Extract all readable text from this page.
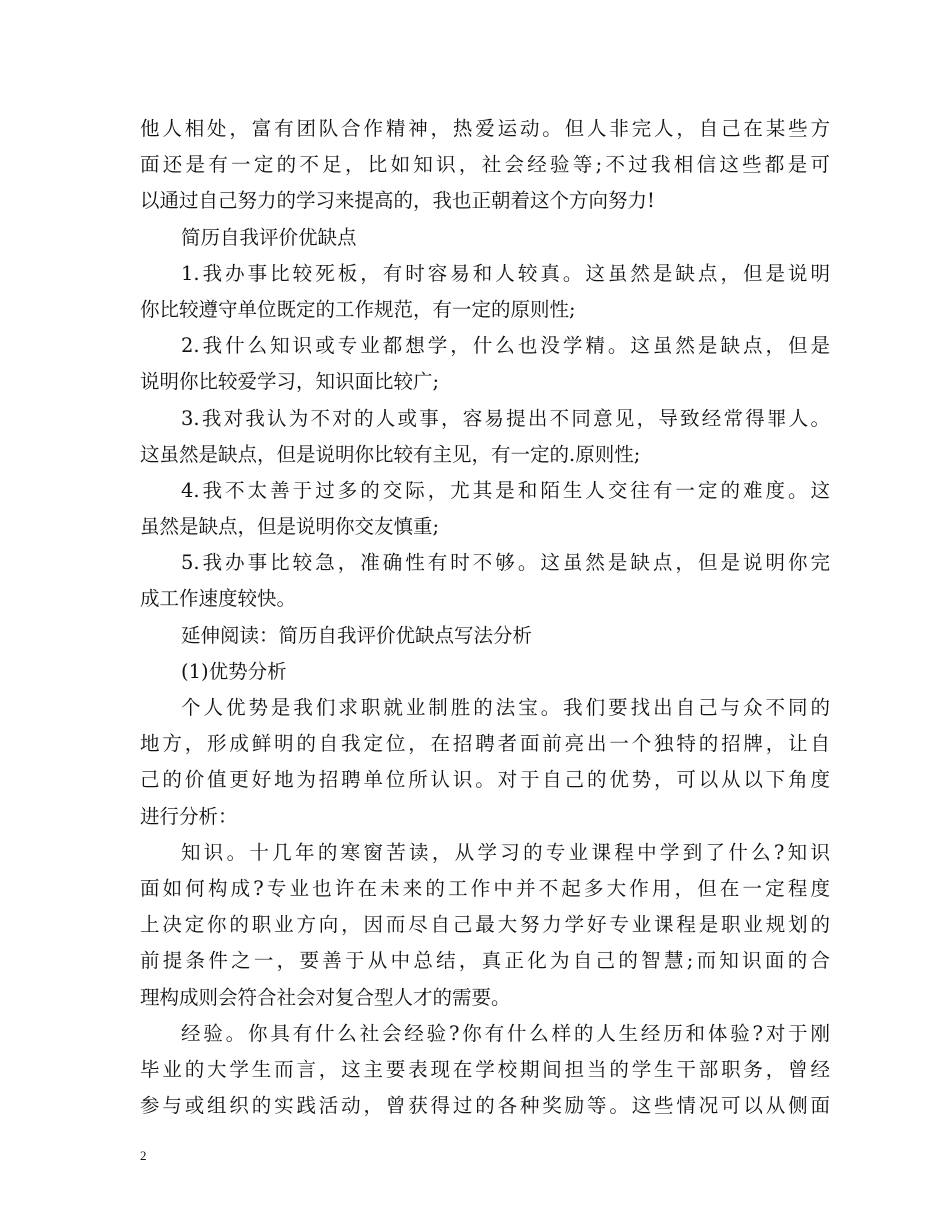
他人相处，富有团队合作精神，热爱运动。但人非完人，自己在某些方
面还是有一定的不足，比如知识，社会经验等;不过我相信这些都是可
以通过自己努力的学习来提高的，我也正朝着这个方向努力!
简历自我评价优缺点
1.我办事比较死板，有时容易和人较真。这虽然是缺点，但是说明
你比较遵守单位既定的工作规范，有一定的原则性;
2.我什么知识或专业都想学，什么也没学精。这虽然是缺点，但是
说明你比较爱学习，知识面比较广;
3.我对我认为不对的人或事，容易提出不同意见，导致经常得罪人。
这虽然是缺点，但是说明你比较有主见，有一定的.原则性;
4.我不太善于过多的交际，尤其是和陌生人交往有一定的难度。这
虽然是缺点，但是说明你交友慎重;
5.我办事比较急，准确性有时不够。这虽然是缺点，但是说明你完
成工作速度较快。
延伸阅读：简历自我评价优缺点写法分析
(1)优势分析
个人优势是我们求职就业制胜的法宝。我们要找出自己与众不同的
地方，形成鲜明的自我定位，在招聘者面前亮出一个独特的招牌，让自
己的价值更好地为招聘单位所认识。对于自己的优势，可以从以下角度
进行分析：
知识。十几年的寒窗苦读，从学习的专业课程中学到了什么?知识
面如何构成?专业也许在未来的工作中并不起多大作用，但在一定程度
上决定你的职业方向，因而尽自己最大努力学好专业课程是职业规划的
前提条件之一，要善于从中总结，真正化为自己的智慧;而知识面的合
理构成则会符合社会对复合型人才的需要。
经验。你具有什么社会经验?你有什么样的人生经历和体验?对于刚
毕业的大学生而言，这主要表现在学校期间担当的学生干部职务，曾经
参与或组织的实践活动，曾获得过的各种奖励等。这些情况可以从侧面
2
